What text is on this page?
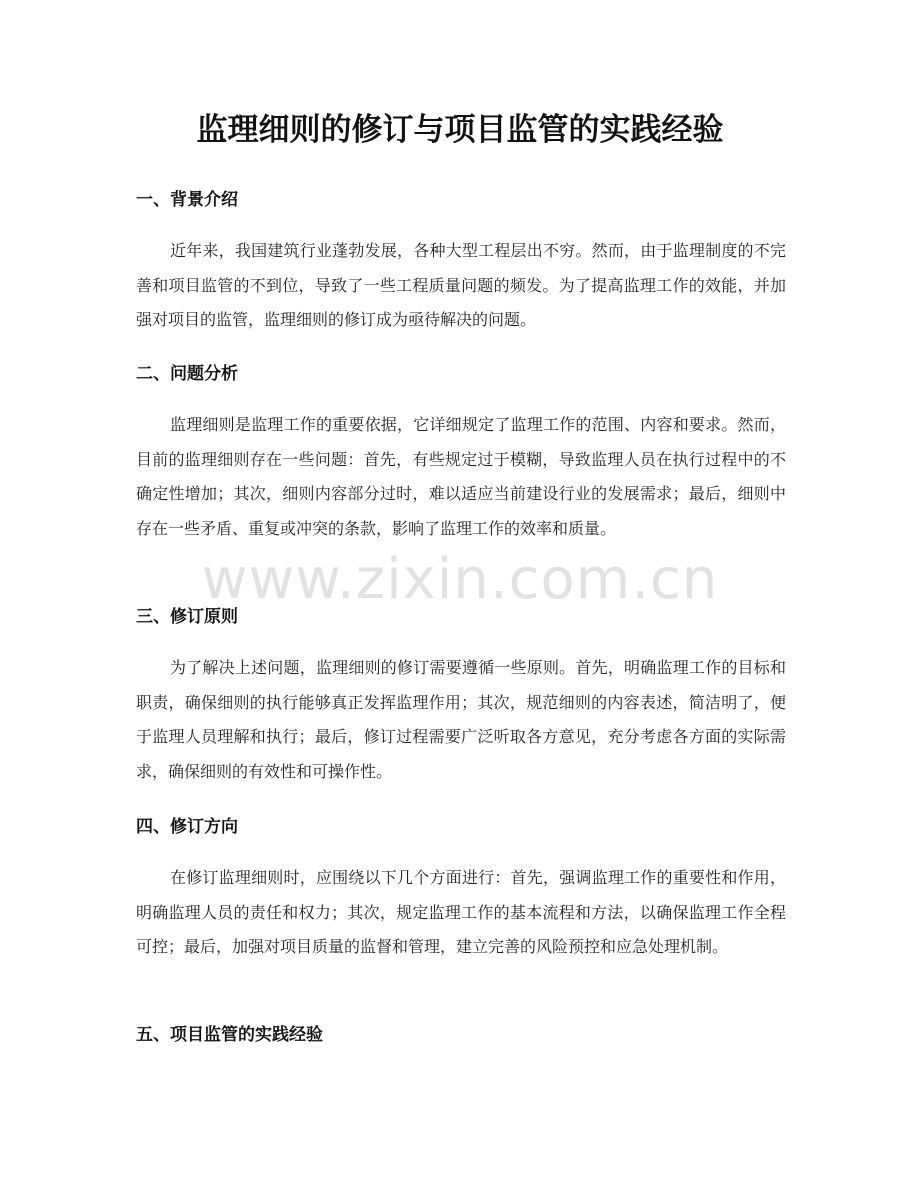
监理细则的修订与项目监管的实践经验
一、背景介绍

近年来，我国建筑行业蓬勃发展，各种大型工程层出不穷。然而，由于监理制度的不完善和项目监管的不到位，导致了一些工程质量问题的频发。为了提高监理工作的效能，并加强对项目的监管，监理细则的修订成为亟待解决的问题。

二、问题分析

监理细则是监理工作的重要依据，它详细规定了监理工作的范围、内容和要求。然而，目前的监理细则存在一些问题：首先，有些规定过于模糊，导致监理人员在执行过程中的不确定性增加；其次，细则内容部分过时，难以适应当前建设行业的发展需求；最后，细则中存在一些矛盾、重复或冲突的条款，影响了监理工作的效率和质量。

三、修订原则

为了解决上述问题，监理细则的修订需要遵循一些原则。首先，明确监理工作的目标和职责，确保细则的执行能够真正发挥监理作用；其次，规范细则的内容表述，简洁明了，便于监理人员理解和执行；最后，修订过程需要广泛听取各方意见，充分考虑各方面的实际需求，确保细则的有效性和可操作性。

四、修订方向

在修订监理细则时，应围绕以下几个方面进行：首先，强调监理工作的重要性和作用，明确监理人员的责任和权力；其次，规定监理工作的基本流程和方法，以确保监理工作全程可控；最后，加强对项目质量的监督和管理，建立完善的风险预控和应急处理机制。

五、项目监管的实践经验
www.zixin.com.cn
